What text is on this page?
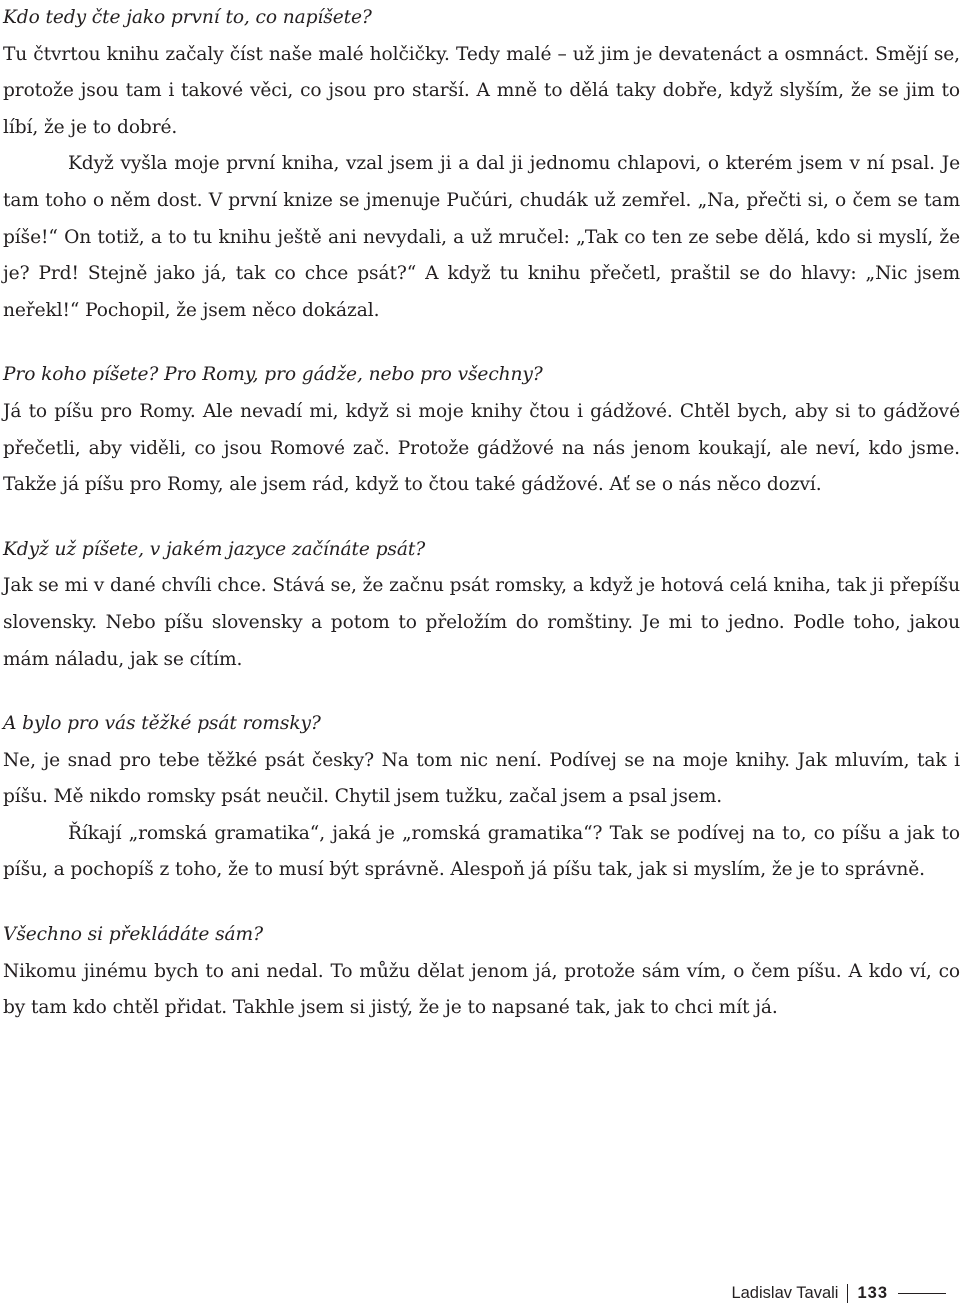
Kdo tedy čte jako první to, co napíšete?

Tu čtvrtou knihu začaly číst naše malé holčičky. Tedy malé – už jim je devatenáct a osmnáct. Smějí se, protože jsou tam i takové věci, co jsou pro starší. A mně to dělá taky dobře, když slyším, že se jim to líbí, že je to dobré.

Když vyšla moje první kniha, vzal jsem ji a dal ji jednomu chlapovi, o kterém jsem v ní psal. Je tam toho o něm dost. V první knize se jmenuje Pučúri, chudák už zemřel. „Na, přečti si, o čem se tam píše!“ On totiž, a to tu knihu ještě ani nevydali, a už mručel: „Tak co ten ze sebe dělá, kdo si myslí, že je? Prd! Stejně jako já, tak co chce psát?“ A když tu knihu přečetl, praštil se do hlavy: „Nic jsem neřekl!“ Pochopil, že jsem něco dokázal.

Pro koho píšete? Pro Romy, pro gádže, nebo pro všechny?

Já to píšu pro Romy. Ale nevadí mi, když si moje knihy čtou i gádžové. Chtěl bych, aby si to gádžové přečetli, aby viděli, co jsou Romové zač. Protože gádžové na nás jenom koukají, ale neví, kdo jsme. Takže já píšu pro Romy, ale jsem rád, když to čtou také gádžové. Ať se o nás něco dozví.

Když už píšete, v jakém jazyce začínáte psát?

Jak se mi v dané chvíli chce. Stává se, že začnu psát romsky, a když je hotová celá kniha, tak ji přepíšu slovensky. Nebo píšu slovensky a potom to přeložím do romštiny. Je mi to jedno. Podle toho, jakou mám náladu, jak se cítím.

A bylo pro vás těžké psát romsky?

Ne, je snad pro tebe těžké psát česky? Na tom nic není. Podívej se na moje knihy. Jak mluvím, tak i píšu. Mě nikdo romsky psát neučil. Chytil jsem tužku, začal jsem a psal jsem.

Říkají „romská gramatika“, jaká je „romská gramatika“? Tak se podívej na to, co píšu a jak to píšu, a pochopíš z toho, že to musí být správně. Alespoň já píšu tak, jak si myslím, že je to správně.

Všechno si překládáte sám?

Nikomu jinému bych to ani nedal. To můžu dělat jenom já, protože sám vím, o čem píšu. A kdo ví, co by tam kdo chtěl přidat. Takhle jsem si jistý, že je to napsané tak, jak to chci mít já.

Ladislav Tavali 133
